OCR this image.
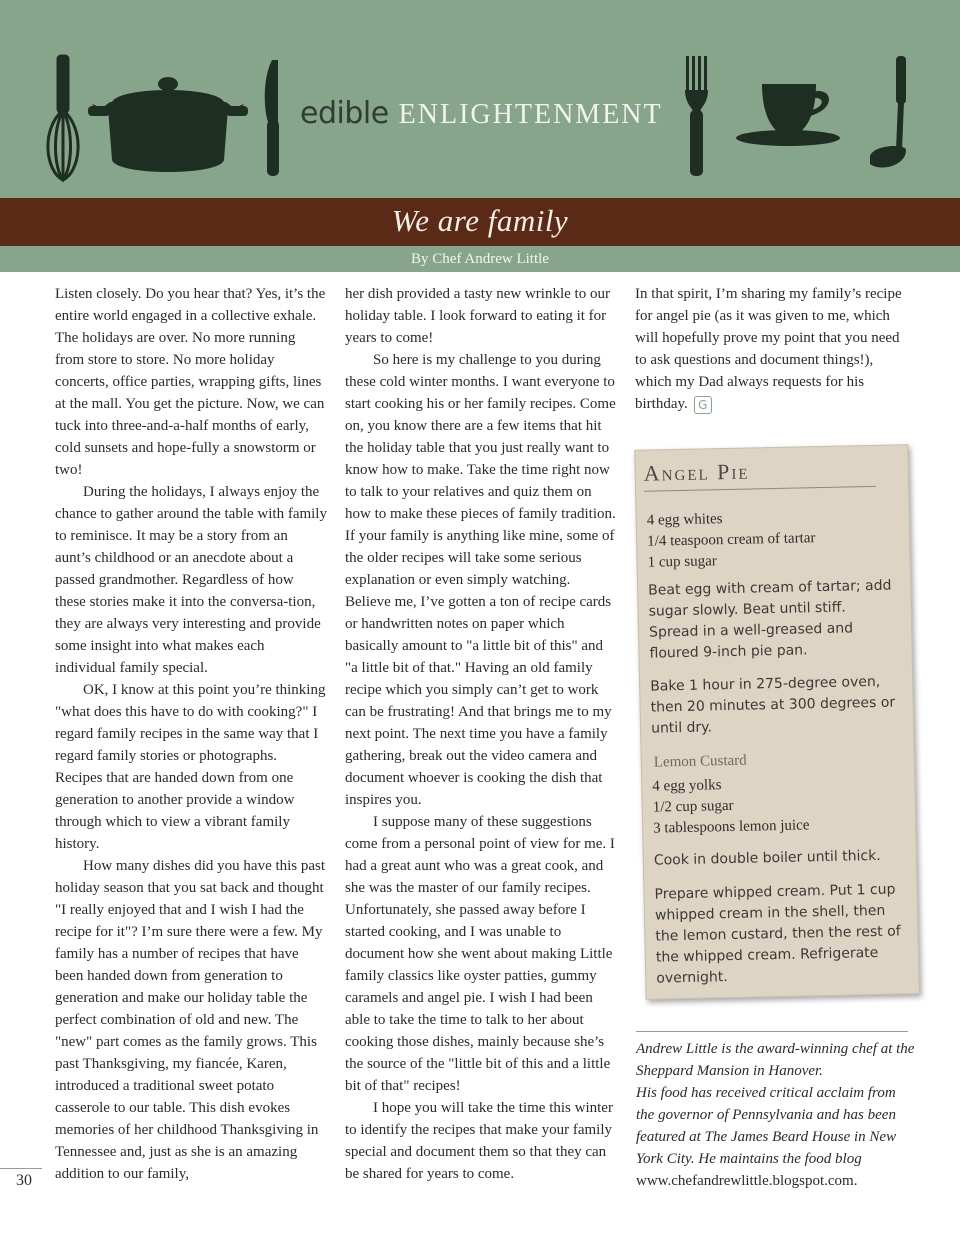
edible ENLIGHTENMENT
We are family
By Chef Andrew Little

Listen closely. Do you hear that? Yes, it’s the entire world engaged in a collective exhale. The holidays are over. No more running from store to store. No more holiday concerts, office parties, wrapping gifts, lines at the mall. You get the picture. Now, we can tuck into three-and-a-half months of early, cold sunsets and hope-fully a snowstorm or two!

During the holidays, I always enjoy the chance to gather around the table with family to reminisce. It may be a story from an aunt’s childhood or an anecdote about a passed grandmother. Regardless of how these stories make it into the conversa-tion, they are always very interesting and provide some insight into what makes each individual family special.

OK, I know at this point you’re thinking "what does this have to do with cooking?" I regard family recipes in the same way that I regard family stories or photographs. Recipes that are handed down from one generation to another provide a window through which to view a vibrant family history.

How many dishes did you have this past holiday season that you sat back and thought "I really enjoyed that and I wish I had the recipe for it"? I’m sure there were a few. My family has a number of recipes that have been handed down from generation to generation and make our holiday table the perfect combination of old and new. The "new" part comes as the family grows. This past Thanksgiving, my fiancée, Karen, introduced a traditional sweet potato casserole to our table. This dish evokes memories of her childhood Thanksgiving in Tennessee and, just as she is an amazing addition to our family,

her dish provided a tasty new wrinkle to our holiday table. I look forward to eating it for years to come!

So here is my challenge to you during these cold winter months. I want everyone to start cooking his or her family recipes. Come on, you know there are a few items that hit the holiday table that you just really want to know how to make. Take the time right now to talk to your relatives and quiz them on how to make these pieces of family tradition. If your family is anything like mine, some of the older recipes will take some serious explanation or even simply watching. Believe me, I’ve gotten a ton of recipe cards or handwritten notes on paper which basically amount to "a little bit of this" and "a little bit of that." Having an old family recipe which you simply can’t get to work can be frustrating! And that brings me to my next point. The next time you have a family gathering, break out the video camera and document whoever is cooking the dish that inspires you.

I suppose many of these suggestions come from a personal point of view for me. I had a great aunt who was a great cook, and she was the master of our family recipes. Unfortunately, she passed away before I started cooking, and I was unable to document how she went about making Little family classics like oyster patties, gummy caramels and angel pie. I wish I had been able to take the time to talk to her about cooking those dishes, mainly because she’s the source of the "little bit of this and a little bit of that" recipes!

I hope you will take the time this winter to identify the recipes that make your family special and document them so that they can be shared for years to come.

In that spirit, I’m sharing my family’s recipe for angel pie (as it was given to me, which will hopefully prove my point that you need to ask questions and document things!), which my Dad always requests for his birthday. G

Angel Pie
4 egg whites
1/4 teaspoon cream of tartar
1 cup sugar
Beat egg with cream of tartar; add sugar slowly. Beat until stiff. Spread in a well-greased and floured 9-inch pie pan.
Bake 1 hour in 275-degree oven, then 20 minutes at 300 degrees or until dry.
Lemon Custard
4 egg yolks
1/2 cup sugar
3 tablespoons lemon juice
Cook in double boiler until thick.
Prepare whipped cream. Put 1 cup whipped cream in the shell, then the lemon custard, then the rest of the whipped cream. Refrigerate overnight.
Andrew Little is the award-winning chef at the Sheppard Mansion in Hanover.
His food has received critical acclaim from the governor of Pennsylvania and has been featured at The James Beard House in New York City. He maintains the food blog
www.chefandrewlittle.blogspot.com.
30
